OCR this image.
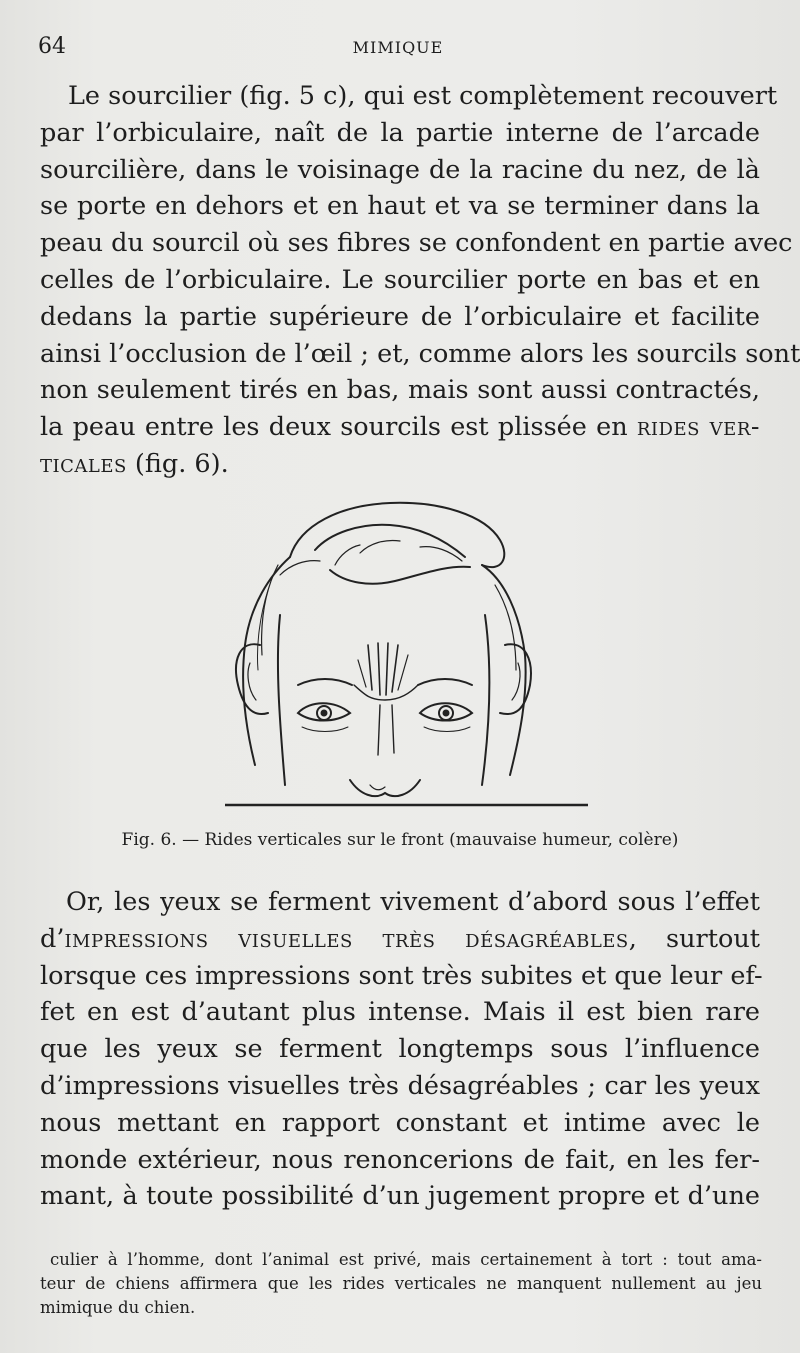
64	MIMIQUE
Le sourcilier (fig. 5 c), qui est complètement recouvert
par l’orbiculaire, naît de la partie interne de l’arcade
sourcilière, dans le voisinage de la racine du nez, de là
se porte en dehors et en haut et va se terminer dans la
peau du sourcil où ses fibres se confondent en partie avec
celles de l’orbiculaire. Le sourcilier porte en bas et en
dedans la partie supérieure de l’orbiculaire et facilite
ainsi l’occlusion de l’œil ; et, comme alors les sourcils sont
non seulement tirés en bas, mais sont aussi contractés,
la peau entre les deux sourcils est plissée en rides ver-
ticales (fig. 6).
Fig. 6. — Rides verticales sur le front (mauvaise humeur, colère)
Or, les yeux se ferment vivement d’abord sous l’effet
d’impressions visuelles très désagréables, surtout
lorsque ces impressions sont très subites et que leur ef-
fet en est d’autant plus intense. Mais il est bien rare
que les yeux se ferment longtemps sous l’influence
d’impressions visuelles très désagréables ; car les yeux
nous mettant en rapport constant et intime avec le
monde extérieur, nous renoncerions de fait, en les fer-
mant, à toute possibilité d’un jugement propre et d’une
culier à l’homme, dont l’animal est privé, mais certainement à tort : tout ama-
teur de chiens affirmera que les rides verticales ne manquent nullement au jeu
mimique du chien.
